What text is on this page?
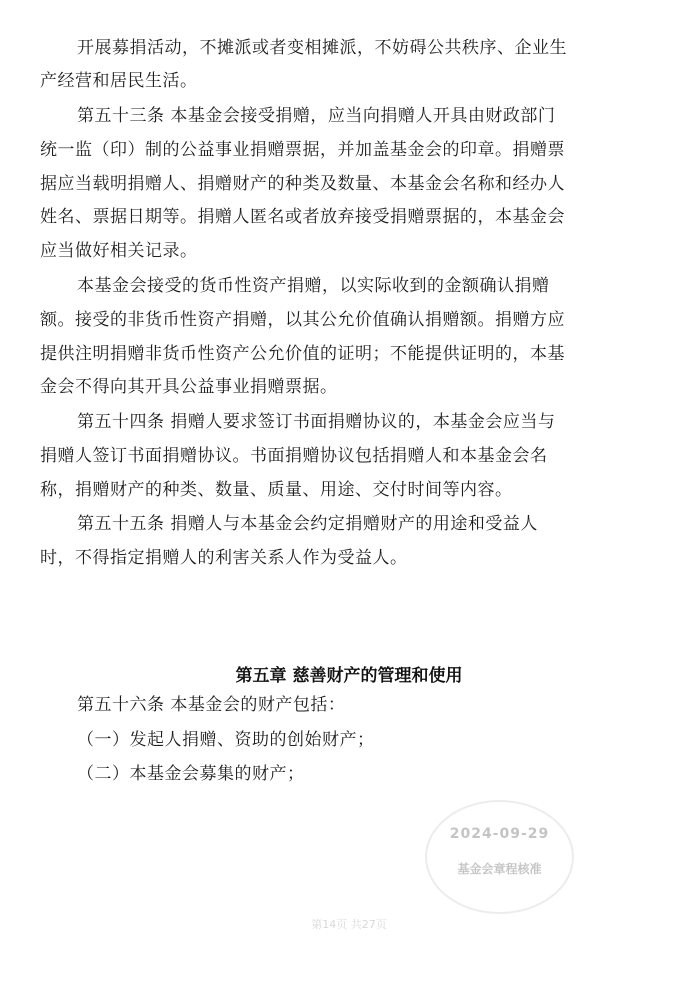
开展募捐活动，不摊派或者变相摊派，不妨碍公共秩序、企业生
产经营和居民生活。
第五十三条 本基金会接受捐赠，应当向捐赠人开具由财政部门
统一监（印）制的公益事业捐赠票据，并加盖基金会的印章。捐赠票
据应当载明捐赠人、捐赠财产的种类及数量、本基金会名称和经办人
姓名、票据日期等。捐赠人匿名或者放弃接受捐赠票据的，本基金会
应当做好相关记录。
本基金会接受的货币性资产捐赠，以实际收到的金额确认捐赠
额。接受的非货币性资产捐赠，以其公允价值确认捐赠额。捐赠方应
提供注明捐赠非货币性资产公允价值的证明；不能提供证明的，本基
金会不得向其开具公益事业捐赠票据。
第五十四条 捐赠人要求签订书面捐赠协议的，本基金会应当与
捐赠人签订书面捐赠协议。书面捐赠协议包括捐赠人和本基金会名
称，捐赠财产的种类、数量、质量、用途、交付时间等内容。
第五十五条 捐赠人与本基金会约定捐赠财产的用途和受益人
时，不得指定捐赠人的利害关系人作为受益人。
第五章 慈善财产的管理和使用
第五十六条 本基金会的财产包括：
（一）发起人捐赠、资助的创始财产；
（二）本基金会募集的财产；
2024-09-29
基金会章程核准
第14页 共27页
